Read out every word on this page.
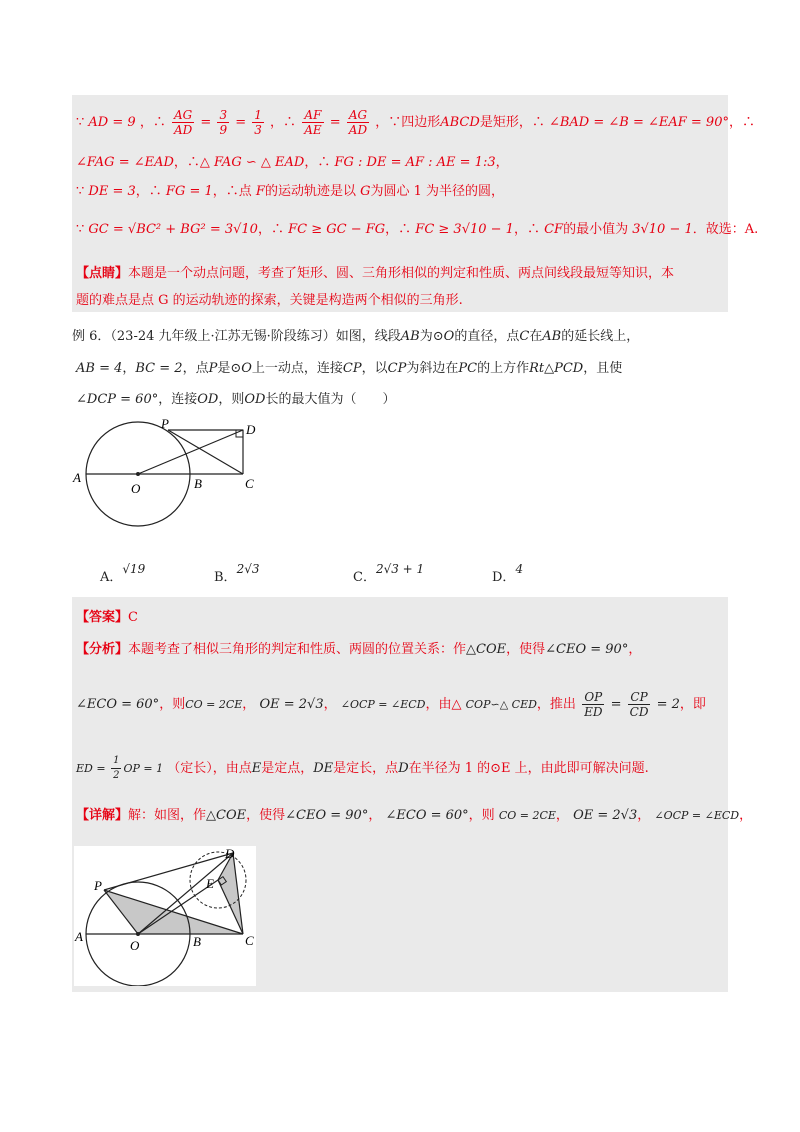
∵ AD = 9 ，∴ $\frac{AG}{AD} = \frac{3}{9} = \frac{1}{3}$ ，∴ $\frac{AF}{AE} = \frac{AG}{AD}$ ，∵四边形ABCD是矩形，∴ ∠BAD = ∠B = ∠EAF = 90°，∴
∠FAG = ∠EAD，∴△ FAG ∽ △ EAD，∴ FG : DE = AF : AE = 1:3，
∵ DE = 3，∴ FG = 1，∴点 F的运动轨迹是以 G为圆心 1 为半径的圆，
∵ GC = √BC² + BG² = 3√10，∴ FC ≥ GC − FG，∴ FC ≥ 3√10 − 1，∴ CF的最小值为 3√10 − 1．故选：A.
【点睛】本题是一个动点问题，考查了矩形、圆、三角形相似的判定和性质、两点间线段最短等知识，本
题的难点是点 G 的运动轨迹的探索，关键是构造两个相似的三角形.
例 6．（23-24 九年级上·江苏无锡·阶段练习）如图，线段AB为⊙O的直径，点C在AB的延长线上，
AB = 4，BC = 2，点P是⊙O上一动点，连接CP，以CP为斜边在PC的上方作Rt△PCD，且使
∠DCP = 60°，连接OD，则OD长的最大值为（　　）
P	D
A
O	B	C
A．√19
B．2√3
C．2√3 + 1
D．4
【答案】C
【分析】本题考查了相似三角形的判定和性质、两圆的位置关系：作△COE，使得∠CEO = 90°，
∠ECO = 60°，则CO = 2CE， OE = 2√3， ∠OCP = ∠ECD，由△ COP∽△ CED，推出 $\frac{OP}{ED} = \frac{CP}{CD} = 2$，即
ED = $\frac{1}{2}$ OP = 1 （定长），由点E是定点，DE是定长，点D在半径为 1 的⊙E 上，由此即可解决问题.
【详解】解：如图，作△COE，使得∠CEO = 90°， ∠ECO = 60°，则 CO = 2CE， OE = 2√3， ∠OCP = ∠ECD，
P
D
E
A
O	B	C
